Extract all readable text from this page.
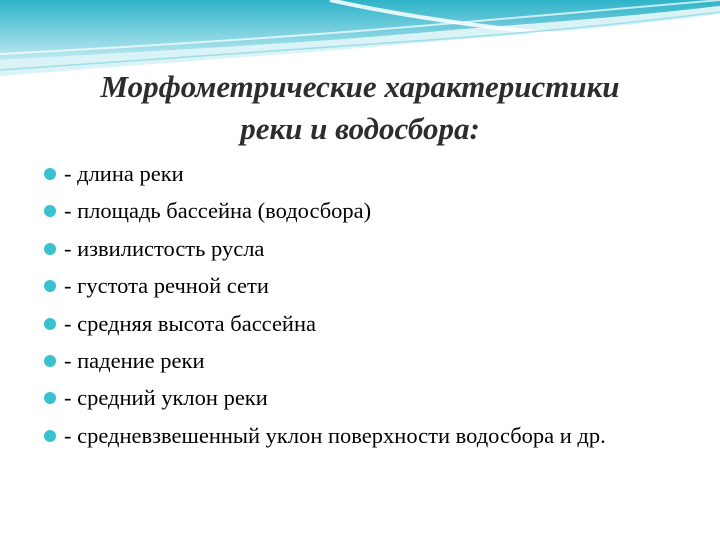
Морфометрические характеристики
реки и водосбора:
- длина реки
- площадь бассейна (водосбора)
- извилистость русла
- густота речной сети
- средняя высота бассейна
- падение реки
- средний уклон реки
- средневзвешенный уклон поверхности водосбора и др.
